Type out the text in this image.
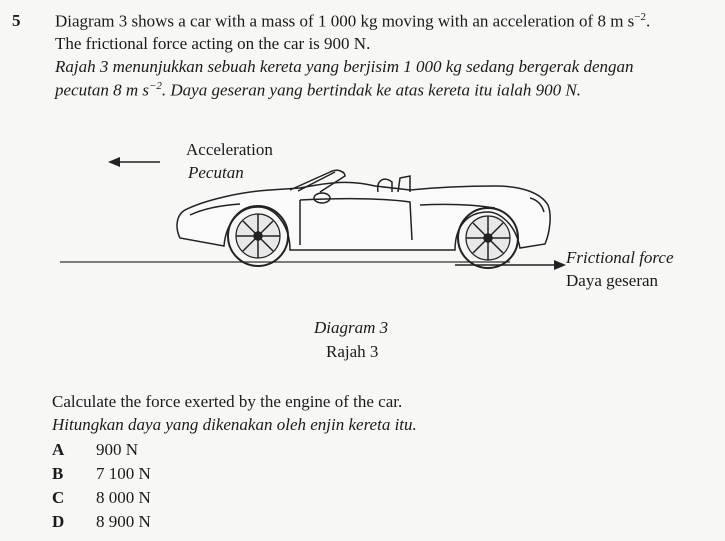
5 Diagram 3 shows a car with a mass of 1 000 kg moving with an acceleration of 8 m $s^{-2}$.
The frictional force acting on the car is 900 N.
Rajah 3 menunjukkan sebuah kereta yang berjisim 1 000 kg sedang bergerak dengan
pecutan 8 m $s^{-2}$. Daya geseran yang bertindak ke atas kereta itu ialah 900 N.
Acceleration
Pecutan
Frictional force
Daya geseran
Diagram 3
Rajah 3
Calculate the force exerted by the engine of the car.
Hitungkan daya yang dikenakan oleh enjin kereta itu.
A 900 N
B 7 100 N
C 8 000 N
D 8 900 N
